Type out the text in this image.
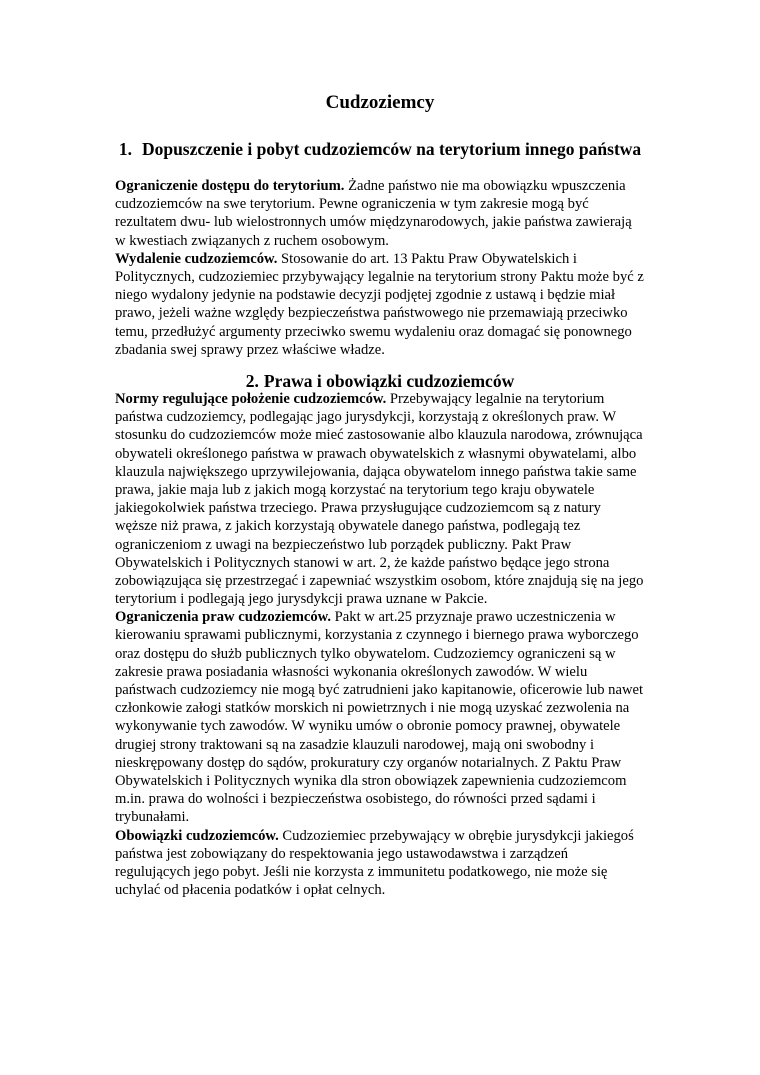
Cudzoziemcy
1. Dopuszczenie i pobyt cudzoziemców na terytorium innego państwa
Ograniczenie dostępu do terytorium. Żadne państwo nie ma obowiązku wpuszczenia
cudzoziemców na swe terytorium. Pewne ograniczenia w tym zakresie mogą być
rezultatem dwu- lub wielostronnych umów międzynarodowych, jakie państwa zawierają
w kwestiach związanych z ruchem osobowym.
Wydalenie cudzoziemców. Stosowanie do art. 13 Paktu Praw Obywatelskich i
Politycznych, cudzoziemiec przybywający legalnie na terytorium strony Paktu może być z
niego wydalony jedynie na podstawie decyzji podjętej zgodnie z ustawą i będzie miał
prawo, jeżeli ważne względy bezpieczeństwa państwowego nie przemawiają przeciwko
temu, przedłużyć argumenty przeciwko swemu wydaleniu oraz domagać się ponownego
zbadania swej sprawy przez właściwe władze.
2. Prawa i obowiązki cudzoziemców
Normy regulujące położenie cudzoziemców. Przebywający legalnie na terytorium
państwa cudzoziemcy, podlegając jago jurysdykcji, korzystają z określonych praw. W
stosunku do cudzoziemców może mieć zastosowanie albo klauzula narodowa, zrównująca
obywateli określonego państwa w prawach obywatelskich z własnymi obywatelami, albo
klauzula największego uprzywilejowania, dająca obywatelom innego państwa takie same
prawa, jakie maja lub z jakich mogą korzystać na terytorium tego kraju obywatele
jakiegokolwiek państwa trzeciego. Prawa przysługujące cudzoziemcom są z natury
węższe niż prawa, z jakich korzystają obywatele danego państwa, podlegają tez
ograniczeniom z uwagi na bezpieczeństwo lub porządek publiczny. Pakt Praw
Obywatelskich i Politycznych stanowi w art. 2, że każde państwo będące jego strona
zobowiązująca się przestrzegać i zapewniać wszystkim osobom, które znajdują się na jego
terytorium i podlegają jego jurysdykcji prawa uznane w Pakcie.
Ograniczenia praw cudzoziemców. Pakt w art.25 przyznaje prawo uczestniczenia w
kierowaniu sprawami publicznymi, korzystania z czynnego i biernego prawa wyborczego
oraz dostępu do służb publicznych tylko obywatelom. Cudzoziemcy ograniczeni są w
zakresie prawa posiadania własności wykonania określonych zawodów. W wielu
państwach cudzoziemcy nie mogą być zatrudnieni jako kapitanowie, oficerowie lub nawet
członkowie załogi statków morskich ni powietrznych i nie mogą uzyskać zezwolenia na
wykonywanie tych zawodów. W wyniku umów o obronie pomocy prawnej, obywatele
drugiej strony traktowani są na zasadzie klauzuli narodowej, mają oni swobodny i
nieskrępowany dostęp do sądów, prokuratury czy organów notarialnych. Z Paktu Praw
Obywatelskich i Politycznych wynika dla stron obowiązek zapewnienia cudzoziemcom
m.in. prawa do wolności i bezpieczeństwa osobistego, do równości przed sądami i
trybunałami.
Obowiązki cudzoziemców. Cudzoziemiec przebywający w obrębie jurysdykcji jakiegoś
państwa jest zobowiązany do respektowania jego ustawodawstwa i zarządzeń
regulujących jego pobyt. Jeśli nie korzysta z immunitetu podatkowego, nie może się
uchylać od płacenia podatków i opłat celnych.
